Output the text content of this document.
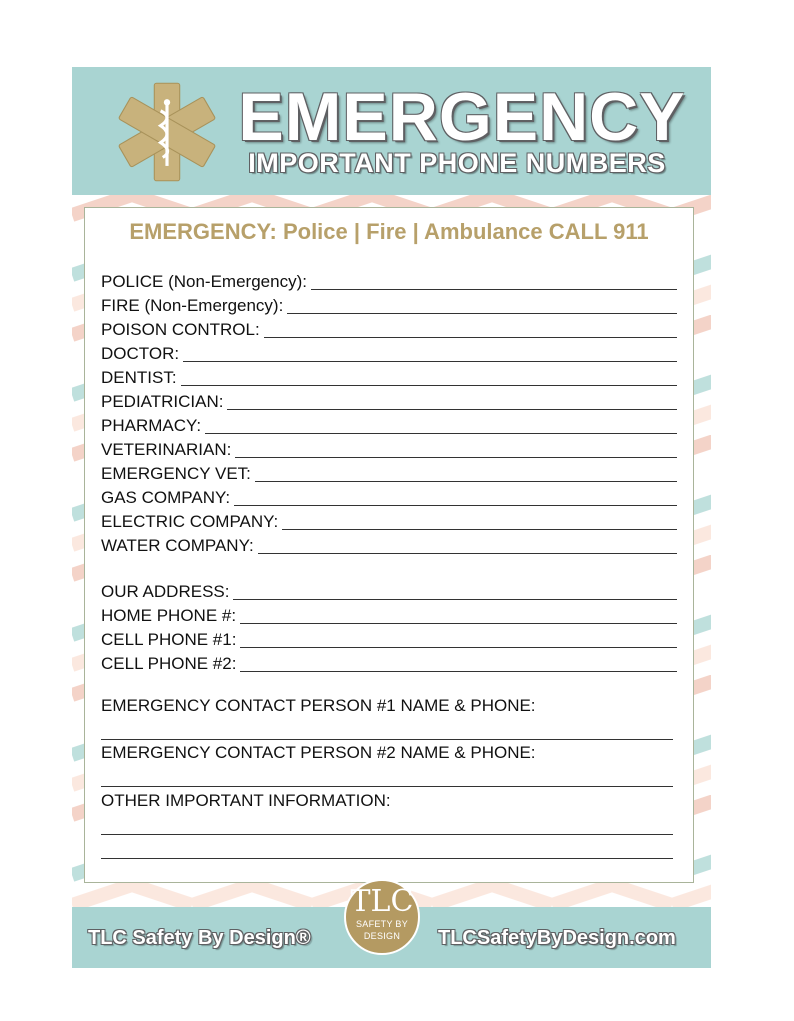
EMERGENCY
IMPORTANT PHONE NUMBERS
EMERGENCY: Police | Fire | Ambulance CALL 911
POLICE (Non-Emergency):
FIRE (Non-Emergency):
POISON CONTROL:
DOCTOR:
DENTIST:
PEDIATRICIAN:
PHARMACY:
VETERINARIAN:
EMERGENCY VET:
GAS COMPANY:
ELECTRIC COMPANY:
WATER COMPANY:
OUR ADDRESS:
HOME PHONE #:
CELL PHONE #1:
CELL PHONE #2:
EMERGENCY CONTACT PERSON #1 NAME & PHONE:
EMERGENCY CONTACT PERSON #2 NAME & PHONE:
OTHER IMPORTANT INFORMATION:
TLC Safety By Design®	TLCSafetyByDesign.com
TLC
SAFETY BY
DESIGN
